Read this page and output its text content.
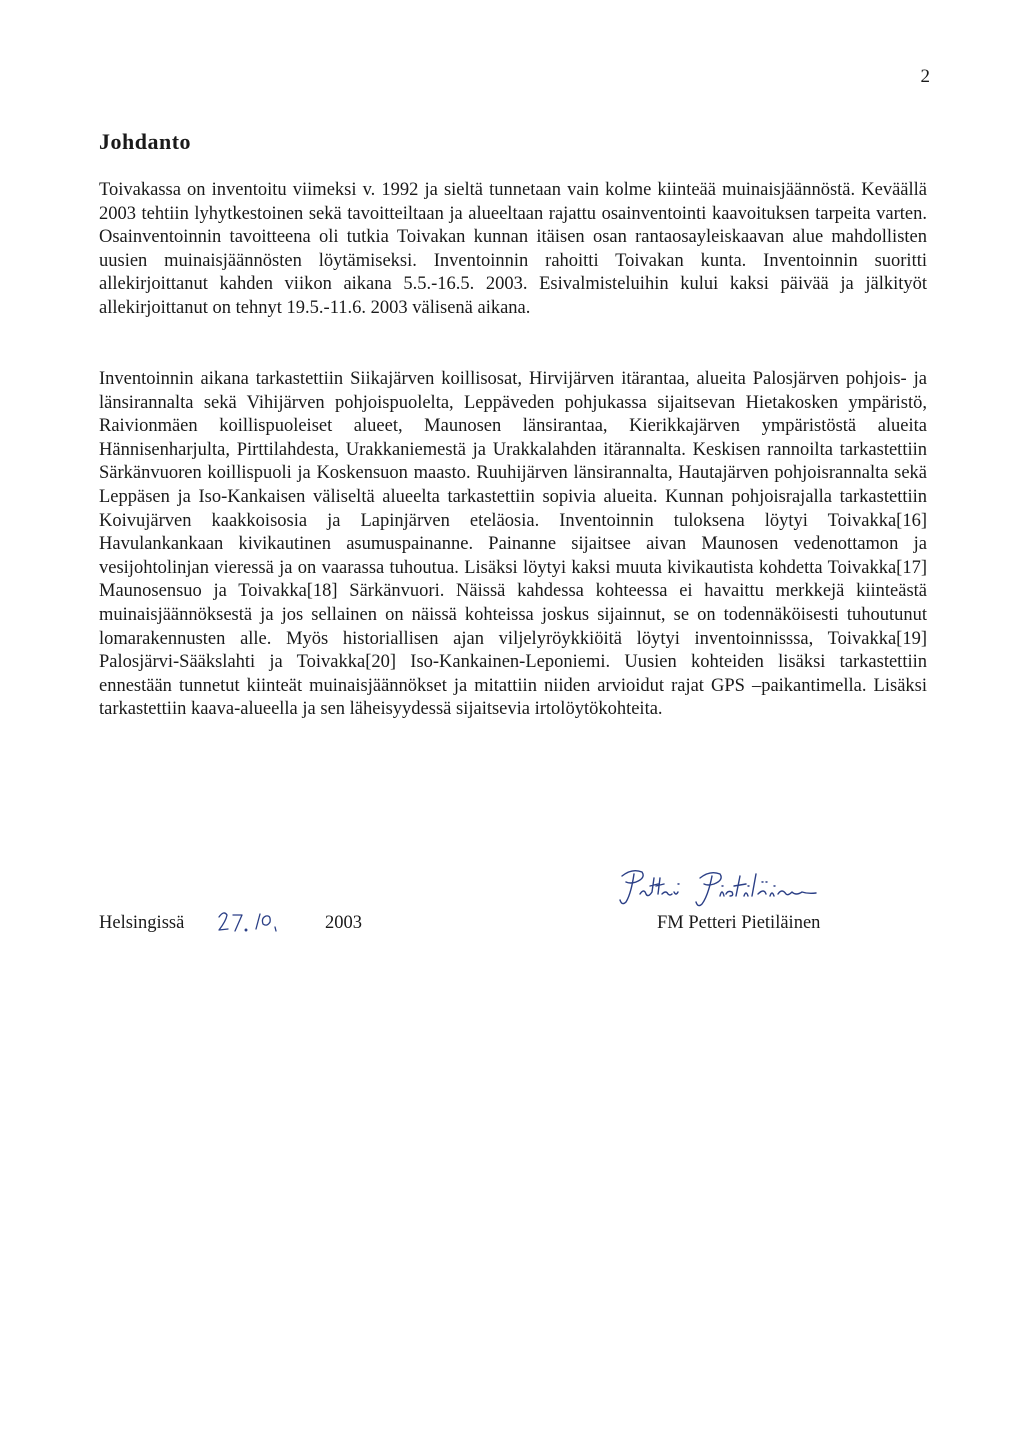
2
Johdanto

Toivakassa on inventoitu viimeksi v. 1992 ja sieltä tunnetaan vain kolme kiinteää muinaisjäännöstä. Keväällä 2003 tehtiin lyhytkestoinen sekä tavoitteiltaan ja alueeltaan rajattu osainventointi kaavoituksen tarpeita varten. Osainventoinnin tavoitteena oli tutkia Toivakan kunnan itäisen osan rantaosayleiskaavan alue mahdollisten uusien muinaisjäännösten löytämiseksi. Inventoinnin rahoitti Toivakan kunta. Inventoinnin suoritti allekirjoittanut kahden viikon aikana 5.5.-16.5. 2003. Esivalmisteluihin kului kaksi päivää ja jälkityöt allekirjoittanut on tehnyt 19.5.-11.6. 2003 välisenä aikana.

Inventoinnin aikana tarkastettiin Siikajärven koillisosat, Hirvijärven itärantaa, alueita Palosjärven pohjois- ja länsirannalta sekä Vihijärven pohjoispuolelta, Leppäveden pohjukassa sijaitsevan Hietakosken ympäristö, Raivionmäen koillispuoleiset alueet, Maunosen länsirantaa, Kierikkajärven ympäristöstä alueita Hännisenharjulta, Pirttilahdesta, Urakkaniemestä ja Urakkalahden itärannalta. Keskisen rannoilta tarkastettiin Särkänvuoren koillispuoli ja Koskensuon maasto. Ruuhijärven länsirannalta, Hautajärven pohjoisrannalta sekä Leppäsen ja Iso-Kankaisen väliseltä alueelta tarkastettiin sopivia alueita. Kunnan pohjoisrajalla tarkastettiin Koivujärven kaakkoisosia ja Lapinjärven eteläosia. Inventoinnin tuloksena löytyi Toivakka[16] Havulankankaan kivikautinen asumuspainanne. Painanne sijaitsee aivan Maunosen vedenottamon ja vesijohtolinjan vieressä ja on vaarassa tuhoutua. Lisäksi löytyi kaksi muuta kivikautista kohdetta Toivakka[17] Maunosensuo ja Toivakka[18] Särkänvuori. Näissä kahdessa kohteessa ei havaittu merkkejä kiinteästä muinaisjäännöksestä ja jos sellainen on näissä kohteissa joskus sijainnut, se on todennäköisesti tuhoutunut lomarakennusten alle. Myös historiallisen ajan viljelyröykkiöitä löytyi inventoinnisssa, Toivakka[19] Palosjärvi-Sääkslahti ja Toivakka[20] Iso-Kankainen-Leponiemi. Uusien kohteiden lisäksi tarkastettiin ennestään tunnetut kiinteät muinaisjäännökset ja mitattiin niiden arvioidut rajat GPS –paikantimella. Lisäksi tarkastettiin kaava-alueella ja sen läheisyydessä sijaitsevia irtolöytökohteita.

Helsingissä	2003	FM Petteri Pietiläinen
